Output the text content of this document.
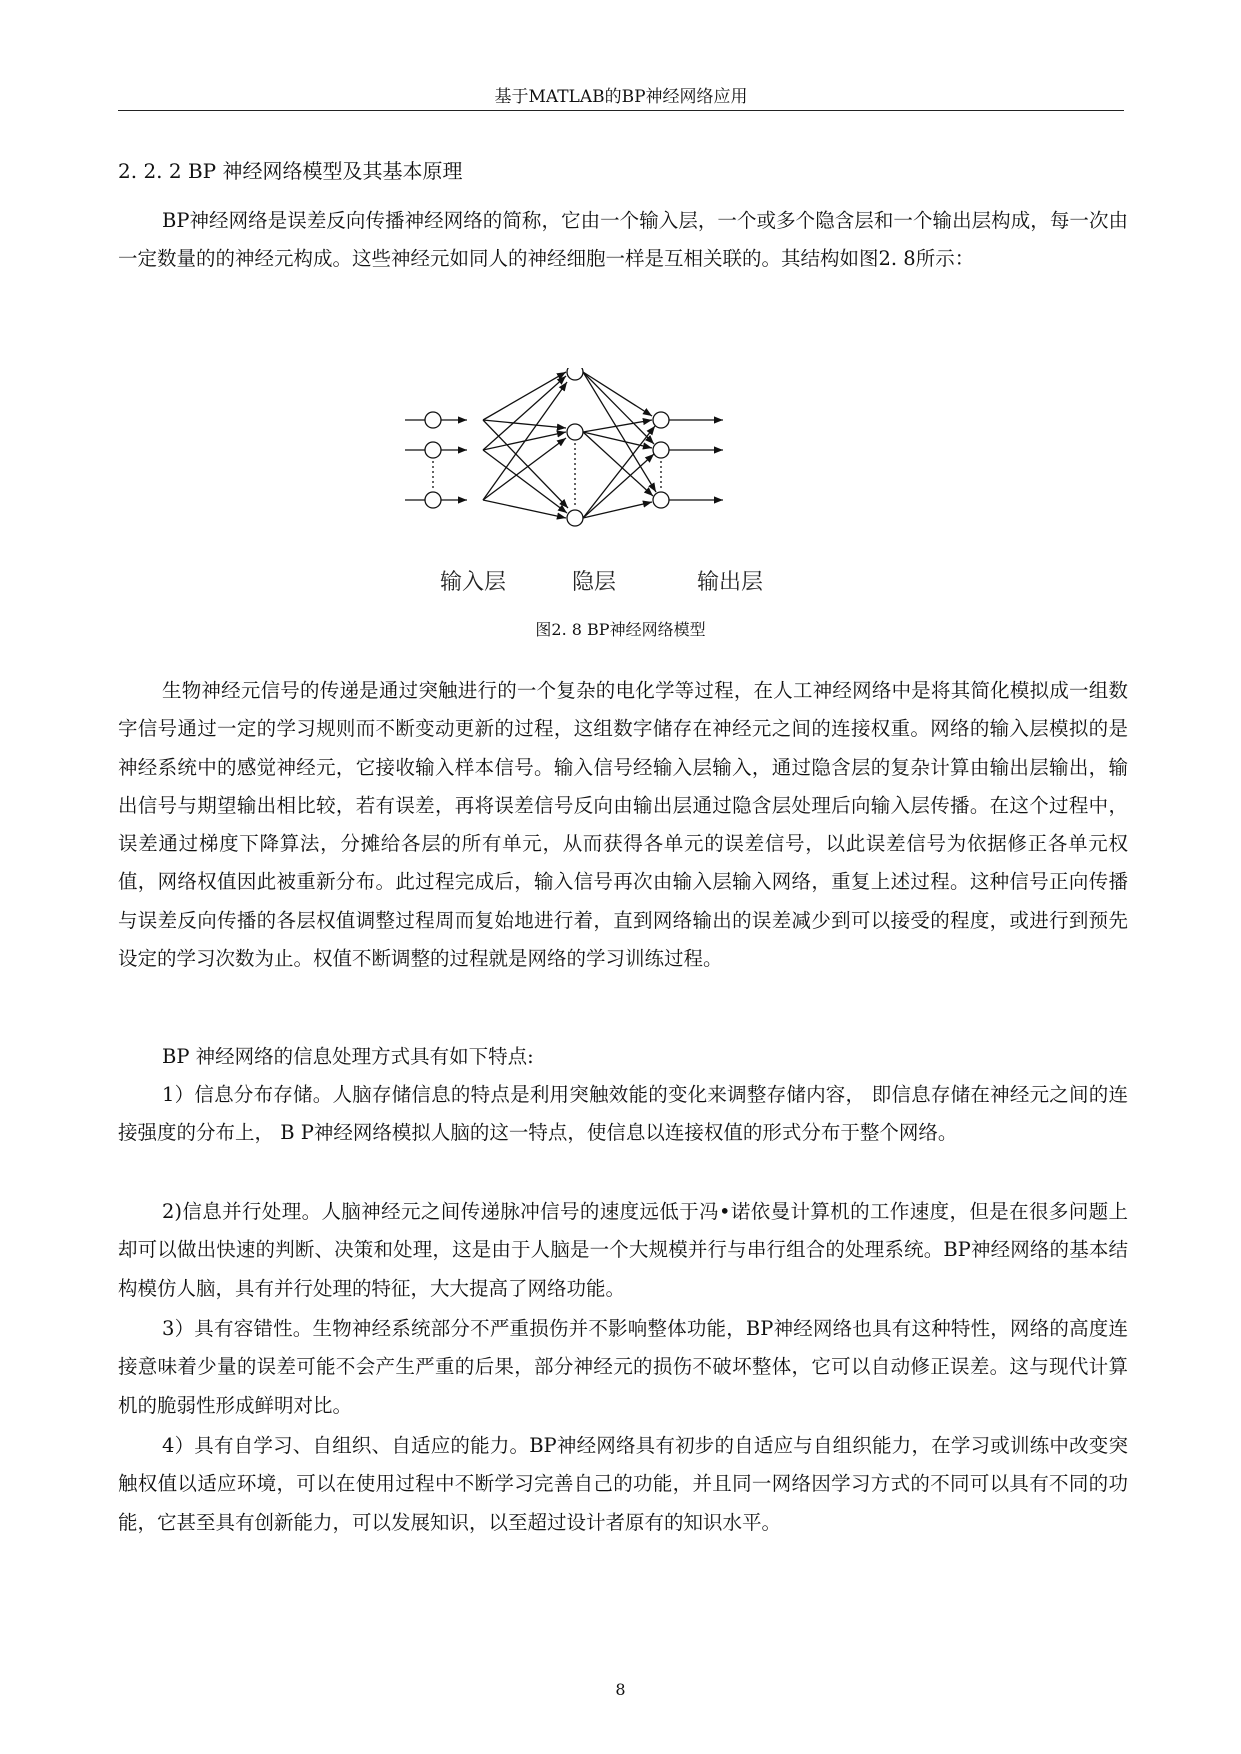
基于MATLAB的BP神经网络应用
2. 2. 2 BP 神经网络模型及其基本原理

BP神经网络是误差反向传播神经网络的简称，它由一个输入层，一个或多个隐含层和一个输出层构成，每一次由一定数量的的神经元构成。这些神经元如同人的神经细胞一样是互相关联的。其结构如图2. 8所示：

输入层	隐层	输出层
图2. 8 BP神经网络模型

生物神经元信号的传递是通过突触进行的一个复杂的电化学等过程，在人工神经网络中是将其简化模拟成一组数字信号通过一定的学习规则而不断变动更新的过程，这组数字储存在神经元之间的连接权重。网络的输入层模拟的是神经系统中的感觉神经元，它接收输入样本信号。输入信号经输入层输入，通过隐含层的复杂计算由输出层输出，输出信号与期望输出相比较，若有误差，再将误差信号反向由输出层通过隐含层处理后向输入层传播。在这个过程中，误差通过梯度下降算法，分摊给各层的所有单元，从而获得各单元的误差信号，以此误差信号为依据修正各单元权值，网络权值因此被重新分布。此过程完成后，输入信号再次由输入层输入网络，重复上述过程。这种信号正向传播与误差反向传播的各层权值调整过程周而复始地进行着，直到网络输出的误差减少到可以接受的程度，或进行到预先设定的学习次数为止。权值不断调整的过程就是网络的学习训练过程。

BP 神经网络的信息处理方式具有如下特点:

1）信息分布存储。人脑存储信息的特点是利用突触效能的变化来调整存储内容， 即信息存储在神经元之间的连接强度的分布上， B P神经网络模拟人脑的这一特点，使信息以连接权值的形式分布于整个网络。

2)信息并行处理。人脑神经元之间传递脉冲信号的速度远低于冯•诺依曼计算机的工作速度，但是在很多问题上却可以做出快速的判断、决策和处理，这是由于人脑是一个大规模并行与串行组合的处理系统。BP神经网络的基本结构模仿人脑，具有并行处理的特征，大大提高了网络功能。

3）具有容错性。生物神经系统部分不严重损伤并不影响整体功能，BP神经网络也具有这种特性，网络的高度连接意味着少量的误差可能不会产生严重的后果，部分神经元的损伤不破坏整体，它可以自动修正误差。这与现代计算机的脆弱性形成鲜明对比。

4）具有自学习、自组织、自适应的能力。BP神经网络具有初步的自适应与自组织能力，在学习或训练中改变突触权值以适应环境，可以在使用过程中不断学习完善自己的功能，并且同一网络因学习方式的不同可以具有不同的功能，它甚至具有创新能力，可以发展知识，以至超过设计者原有的知识水平。

8
